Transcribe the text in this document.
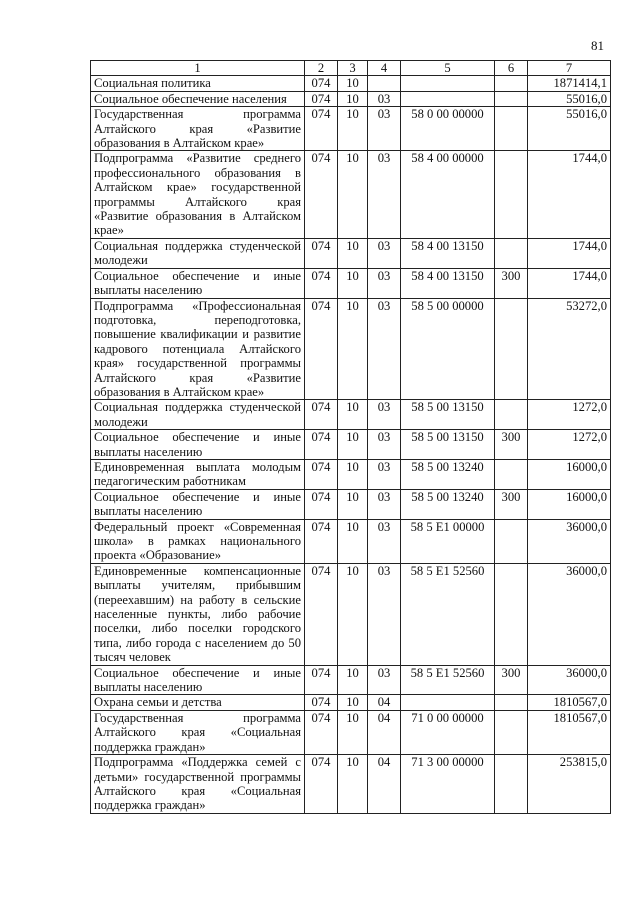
81
1	2	3	4	5	6	7
Социальная политика	074	10				1871414,1
Социальное обеспечение населения	074	10	03			55016,0
Государственная программа Алтайского края «Развитие образования в Алтайском крае»	074	10	03	58 0 00 00000		55016,0
Подпрограмма «Развитие среднего профессионального образования в Алтайском крае» государственной программы Алтайского края «Развитие образования в Алтайском крае»	074	10	03	58 4 00 00000		1744,0
Социальная поддержка студенческой молодежи	074	10	03	58 4 00 13150		1744,0
Социальное обеспечение и иные выплаты населению	074	10	03	58 4 00 13150	300	1744,0
Подпрограмма «Профессиональная подготовка, переподготовка, повышение квалификации и развитие кадрового потенциала Алтайского края» государственной программы Алтайского края «Развитие образования в Алтайском крае»	074	10	03	58 5 00 00000		53272,0
Социальная поддержка студенческой молодежи	074	10	03	58 5 00 13150		1272,0
Социальное обеспечение и иные выплаты населению	074	10	03	58 5 00 13150	300	1272,0
Единовременная выплата молодым педагогическим работникам	074	10	03	58 5 00 13240		16000,0
Социальное обеспечение и иные выплаты населению	074	10	03	58 5 00 13240	300	16000,0
Федеральный проект «Современная школа» в рамках национального проекта «Образование»	074	10	03	58 5 E1 00000		36000,0
Единовременные компенсационные выплаты учителям, прибывшим (переехавшим) на работу в сельские населенные пункты, либо рабочие поселки, либо поселки городского типа, либо города с населением до 50 тысяч человек	074	10	03	58 5 E1 52560		36000,0
Социальное обеспечение и иные выплаты населению	074	10	03	58 5 E1 52560	300	36000,0
Охрана семьи и детства	074	10	04			1810567,0
Государственная программа Алтайского края «Социальная поддержка граждан»	074	10	04	71 0 00 00000		1810567,0
Подпрограмма «Поддержка семей с детьми» государственной программы Алтайского края «Социальная поддержка граждан»	074	10	04	71 3 00 00000		253815,0
